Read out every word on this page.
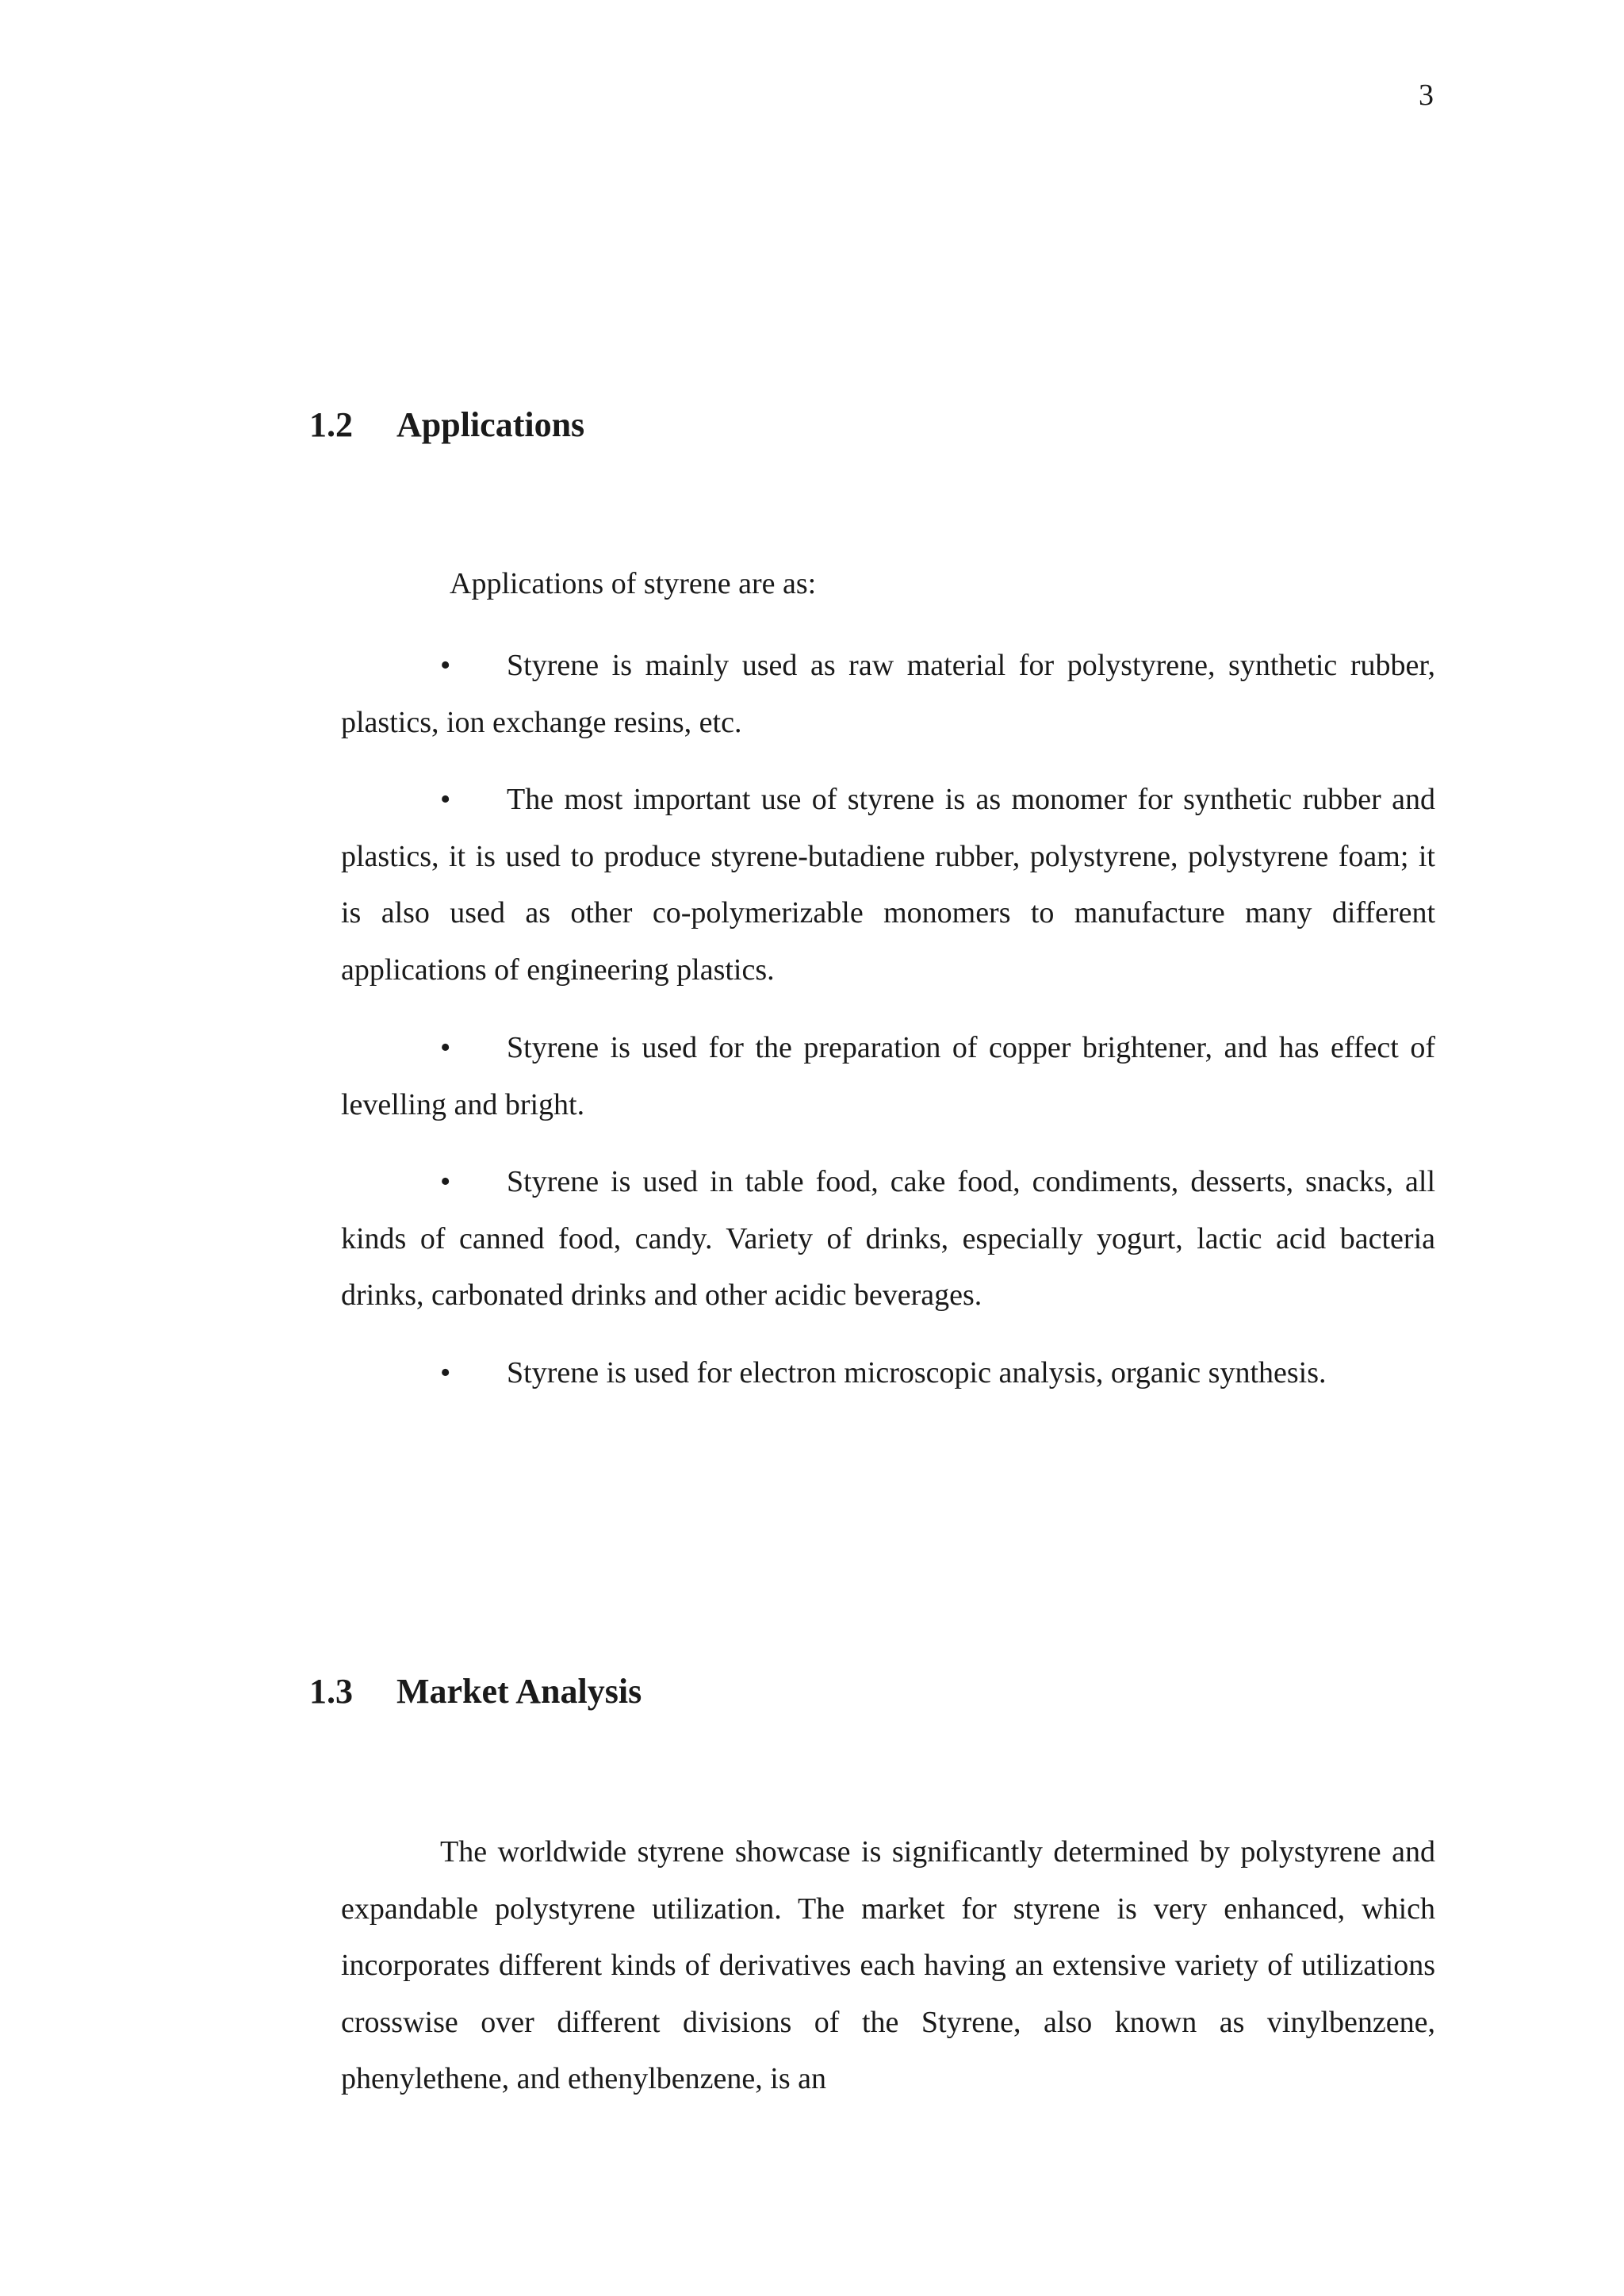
3
1.2 Applications

Applications of styrene are as:

• Styrene is mainly used as raw material for polystyrene, synthetic rubber, plastics, ion exchange resins, etc.
• The most important use of styrene is as monomer for synthetic rubber and plastics, it is used to produce styrene-butadiene rubber, polystyrene, polystyrene foam; it is also used as other co-polymerizable monomers to manufacture many different applications of engineering plastics.
• Styrene is used for the preparation of copper brightener, and has effect of levelling and bright.
• Styrene is used in table food, cake food, condiments, desserts, snacks, all kinds of canned food, candy. Variety of drinks, especially yogurt, lactic acid bacteria drinks, carbonated drinks and other acidic beverages.
• Styrene is used for electron microscopic analysis, organic synthesis.
1.3 Market Analysis

The worldwide styrene showcase is significantly determined by polystyrene and expandable polystyrene utilization. The market for styrene is very enhanced, which incorporates different kinds of derivatives each having an extensive variety of utilizations crosswise over different divisions of the Styrene, also known as vinylbenzene, phenylethene, and ethenylbenzene, is an
